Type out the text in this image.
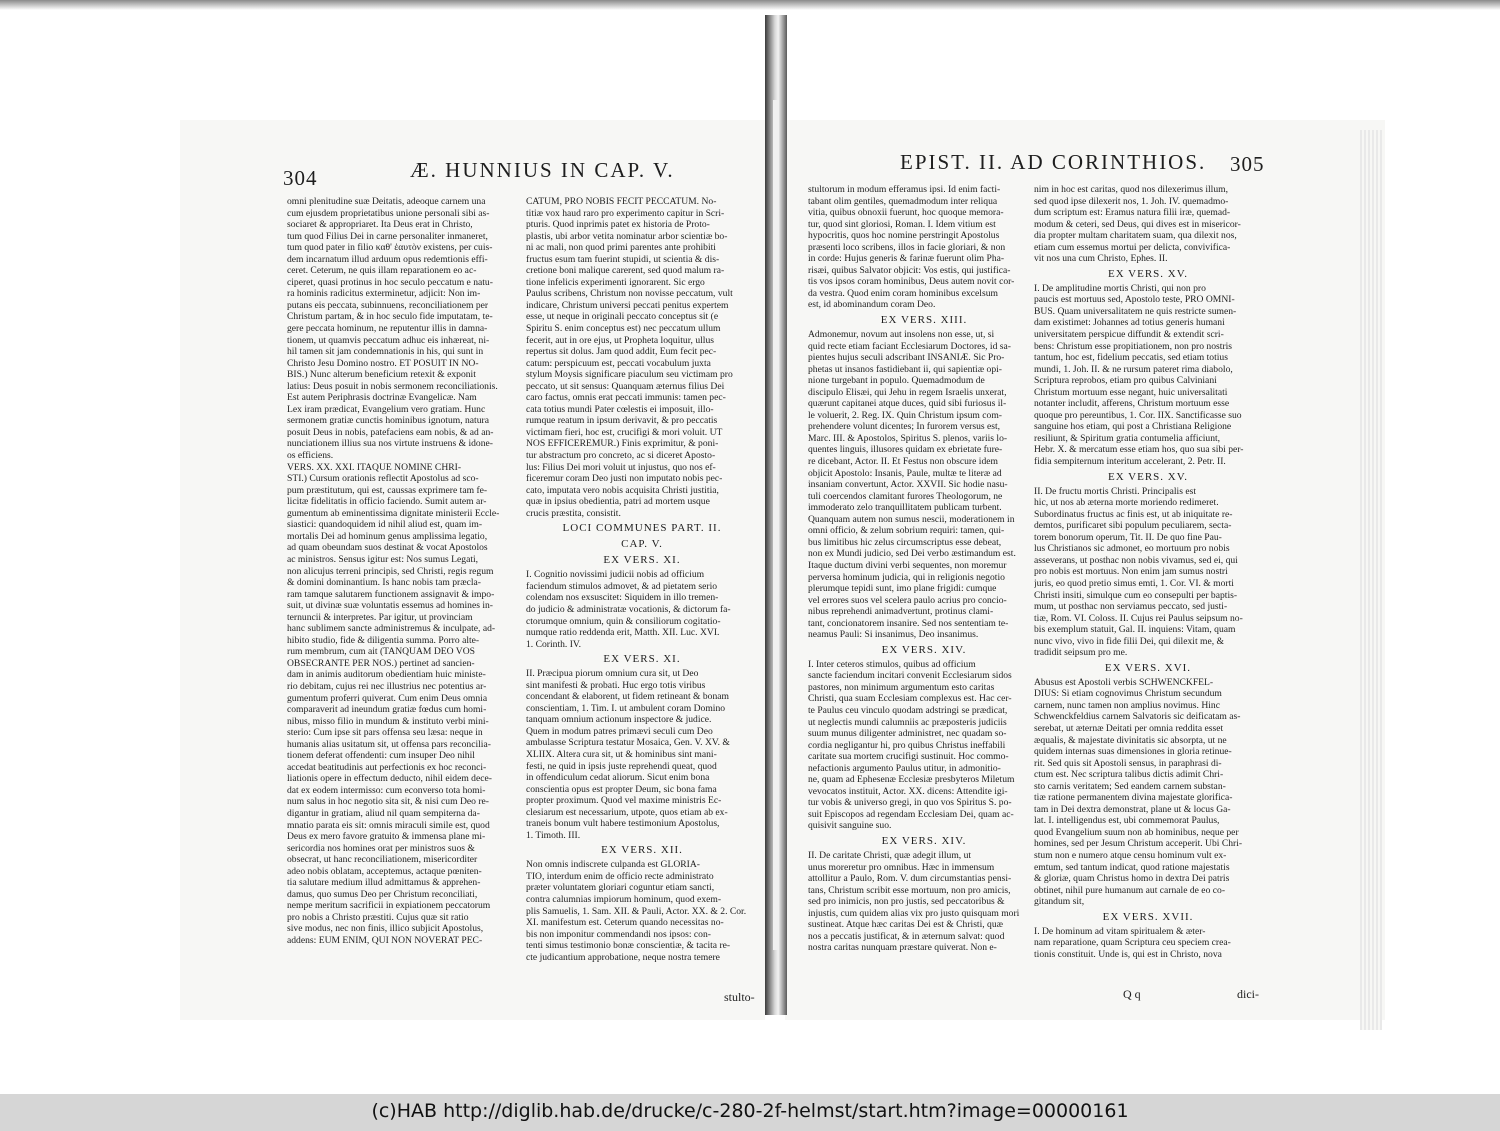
304	Æ. HUNNIUS IN CAP. V.
omni plenitudine suæ Deitatis, adeoque carnem una
cum ejusdem proprietatibus unione personali sibi as-
sociaret & appropriaret. Ita Deus erat in Christo,
tum quod Filius Dei in carne personaliter inmaneret,
tum quod pater in filio καθ' ἑαυτὸν existens, per cuis-
dem incarnatum illud arduum opus redemtionis effi-
ceret. Ceterum, ne quis illam reparationem eo ac-
ciperet, quasi protinus in hoc seculo peccatum e natu-
ra hominis radicitus exterminetur, adjicit: Non im-
putans eis peccata, subinnuens, reconciliationem per
Christum partam, & in hoc seculo fide imputatam, te-
gere peccata hominum, ne reputentur illis in damna-
tionem, ut quamvis peccatum adhuc eis inhæreat, ni-
hil tamen sit jam condemnationis in his, qui sunt in
Christo Jesu Domino nostro. ET POSUIT IN NO-
BIS.) Nunc alterum beneficium retexit & exponit
latius: Deus posuit in nobis sermonem reconciliationis.
Est autem Periphrasis doctrinæ Evangelicæ. Nam
Lex iram prædicat, Evangelium vero gratiam. Hunc
sermonem gratiæ cunctis hominibus ignotum, natura
posuit Deus in nobis, patefaciens eam nobis, & ad an-
nunciationem illius sua nos virtute instruens & idone-
os efficiens.
VERS. XX. XXI. ITAQUE NOMINE CHRI-
STI.) Cursum orationis reflectit Apostolus ad sco-
pum præstitutum, qui est, caussas exprimere tam fe-
licitæ fidelitatis in officio faciendo. Sumit autem ar-
gumentum ab eminentissima dignitate ministerii Eccle-
siastici: quandoquidem id nihil aliud est, quam im-
mortalis Dei ad hominum genus amplissima legatio,
ad quam obeundam suos destinat & vocat Apostolos
ac ministros. Sensus igitur est: Nos sumus Legati,
non alicujus terreni principis, sed Christi, regis regum
& domini dominantium. Is hanc nobis tam præcla-
ram tamque salutarem functionem assignavit & impo-
suit, ut divinæ suæ voluntatis essemus ad homines in-
ternuncii & interpretes. Par igitur, ut provinciam
hanc sublimem sancte administremus & inculpate, ad-
hibito studio, fide & diligentia summa. Porro alte-
rum membrum, cum ait (TANQUAM DEO VOS
OBSECRANTE PER NOS.) pertinet ad sancien-
dam in animis auditorum obedientiam huic ministe-
rio debitam, cujus rei nec illustrius nec potentius ar-
gumentum proferri quiverat. Cum enim Deus omnia
comparaverit ad ineundum gratiæ fœdus cum homi-
nibus, misso filio in mundum & instituto verbi mini-
sterio: Cum ipse sit pars offensa seu læsa: neque in
humanis alias usitatum sit, ut offensa pars reconcilia-
tionem deferat offendenti: cum insuper Deo nihil
accedat beatitudinis aut perfectionis ex hoc reconci-
liationis opere in effectum deducto, nihil eidem dece-
dat ex eodem intermisso: cum econverso tota homi-
num salus in hoc negotio sita sit, & nisi cum Deo re-
digantur in gratiam, aliud nil quam sempiterna da-
mnatio parata eis sit: omnis miraculi simile est, quod
Deus ex mero favore gratuito & immensa plane mi-
sericordia nos homines orat per ministros suos &
obsecrat, ut hanc reconciliationem, misericorditer
adeo nobis oblatam, acceptemus, actaque pœniten-
tia salutare medium illud admittamus & apprehen-
damus, quo sumus Deo per Christum reconciliati,
nempe meritum sacrificii in expiationem peccatorum
pro nobis a Christo præstiti. Cujus quæ sit ratio
sive modus, nec non finis, illico subjicit Apostolus,
addens: EUM ENIM, QUI NON NOVERAT PEC-
CATUM, PRO NOBIS FECIT PECCATUM. No-
titiæ vox haud raro pro experimento capitur in Scri-
pturis. Quod inprimis patet ex historia de Proto-
plastis, ubi arbor vetita nominatur arbor scientiæ bo-
ni ac mali, non quod primi parentes ante prohibiti
fructus esum tam fuerint stupidi, ut scientia & dis-
cretione boni malique carerent, sed quod malum ra-
tione infelicis experimenti ignorarent. Sic ergo
Paulus scribens, Christum non novisse peccatum, vult
indicare, Christum universi peccati penitus expertem
esse, ut neque in originali peccato conceptus sit (e
Spiritu S. enim conceptus est) nec peccatum ullum
fecerit, aut in ore ejus, ut Propheta loquitur, ullus
repertus sit dolus. Jam quod addit, Eum fecit pec-
catum: perspicuum est, peccati vocabulum juxta
stylum Moysis significare piaculum seu victimam pro
peccato, ut sit sensus: Quanquam æternus filius Dei
caro factus, omnis erat peccati immunis: tamen pec-
cata totius mundi Pater cœlestis ei imposuit, illo-
rumque reatum in ipsum derivavit, & pro peccatis
victimam fieri, hoc est, crucifigi & mori voluit. UT
NOS EFFICEREMUR.) Finis exprimitur, & poni-
tur abstractum pro concreto, ac si diceret Aposto-
lus: Filius Dei mori voluit ut injustus, quo nos ef-
ficeremur coram Deo justi non imputato nobis pec-
cato, imputata vero nobis acquisita Christi justitia,
quæ in ipsius obedientia, patri ad mortem usque
crucis præstita, consistit.
LOCI COMMUNES PART. II.
CAP. V.
EX VERS. XI.
I. Cognitio novissimi judicii nobis ad officium
faciendum stimulos admovet, & ad pietatem serio
colendam nos exsuscitet: Siquidem in illo tremen-
do judicio & administratæ vocationis, & dictorum fa-
ctorumque omnium, quin & consiliorum cogitatio-
numque ratio reddenda erit, Matth. XII. Luc. XVI.
1. Corinth. IV.
EX VERS. XI.
II. Præcipua piorum omnium cura sit, ut Deo
sint manifesti & probati. Huc ergo totis viribus
concendant & elaborent, ut fidem retineant & bonam
conscientiam, 1. Tim. I. ut ambulent coram Domino
tanquam omnium actionum inspectore & judice.
Quem in modum patres primævi seculi cum Deo
ambulasse Scriptura testatur Mosaica, Gen. V. XV. &
XLIIX. Altera cura sit, ut & hominibus sint mani-
festi, ne quid in ipsis juste reprehendi queat, quod
in offendiculum cedat aliorum. Sicut enim bona
conscientia opus est propter Deum, sic bona fama
propter proximum. Quod vel maxime ministris Ec-
clesiarum est necessarium, utpote, quos etiam ab ex-
traneis bonum vult habere testimonium Apostolus,
1. Timoth. III.
EX VERS. XII.
Non omnis indiscrete culpanda est GLORIA-
TIO, interdum enim de officio recte administrato
præter voluntatem gloriari coguntur etiam sancti,
contra calumnias impiorum hominum, quod exem-
plis Samuelis, 1. Sam. XII. & Pauli, Actor. XX. & 2. Cor.
XI. manifestum est. Ceterum quando necessitas no-
bis non imponitur commendandi nos ipsos: con-
tenti simus testimonio bonæ conscientiæ, & tacita re-
cte judicantium approbatione, neque nostra temere
stulto-
EPIST. II. AD CORINTHIOS. 305
stultorum in modum efferamus ipsi. Id enim facti-
tabant olim gentiles, quemadmodum inter reliqua
vitia, quibus obnoxii fuerunt, hoc quoque memora-
tur, quod sint gloriosi, Roman. I. Idem vitium est
hypocritis, quos hoc nomine perstringit Apostolus
præsenti loco scribens, illos in facie gloriari, & non
in corde: Hujus generis & farinæ fuerunt olim Pha-
risæi, quibus Salvator objicit: Vos estis, qui justifica-
tis vos ipsos coram hominibus, Deus autem novit cor-
da vestra. Quod enim coram hominibus excelsum
est, id abominandum coram Deo.
EX VERS. XIII.
Admonemur, novum aut insolens non esse, ut, si
quid recte etiam faciant Ecclesiarum Doctores, id sa-
pientes hujus seculi adscribant INSANIÆ. Sic Pro-
phetas ut insanos fastidiebant ii, qui sapientiæ opi-
nione turgebant in populo. Quemadmodum de
discipulo Elisæi, qui Jehu in regem Israelis unxerat,
quærunt capitanei atque duces, quid sibi furiosus il-
le voluerit, 2. Reg. IX. Quin Christum ipsum com-
prehendere volunt dicentes; In furorem versus est,
Marc. III. & Apostolos, Spiritus S. plenos, variis lo-
quentes linguis, illusores quidam ex ebrietate fure-
re dicebant, Actor. II. Et Festus non obscure idem
objicit Apostolo: Insanis, Paule, multæ te literæ ad
insaniam convertunt, Actor. XXVII. Sic hodie nasu-
tuli coercendos clamitant furores Theologorum, ne
immoderato zelo tranquillitatem publicam turbent.
Quanquam autem non sumus nescii, moderationem in
omni officio, & zelum sobrium requiri: tamen, qui-
bus limitibus hic zelus circumscriptus esse debeat,
non ex Mundi judicio, sed Dei verbo æstimandum est.
Itaque ductum divini verbi sequentes, non moremur
perversa hominum judicia, qui in religionis negotio
plerumque tepidi sunt, imo plane frigidi: cumque
vel errores suos vel scelera paulo acrius pro concio-
nibus reprehendi animadvertunt, protinus clami-
tant, concionatorem insanire. Sed nos sententiam te-
neamus Pauli: Si insanimus, Deo insanimus.
EX VERS. XIV.
I. Inter ceteros stimulos, quibus ad officium
sancte faciendum incitari convenit Ecclesiarum sidos
pastores, non minimum argumentum esto caritas
Christi, qua suam Ecclesiam complexus est. Hac cer-
te Paulus ceu vinculo quodam adstringi se prædicat,
ut neglectis mundi calumniis ac præposteris judiciis
suum munus diligenter administret, nec quadam so-
cordia negligantur hi, pro quibus Christus ineffabili
caritate sua mortem crucifigi sustinuit. Hoc commo-
nefactionis argumento Paulus utitur, in admonitio-
ne, quam ad Ephesenæ Ecclesiæ presbyteros Miletum
vevocatos instituit, Actor. XX. dicens: Attendite igi-
tur vobis & universo gregi, in quo vos Spiritus S. po-
suit Episcopos ad regendam Ecclesiam Dei, quam ac-
quisivit sanguine suo.
EX VERS. XIV.
II. De caritate Christi, quæ adegit illum, ut
unus moreretur pro omnibus. Hæc in immensum
attollitur a Paulo, Rom. V. dum circumstantias pensi-
tans, Christum scribit esse mortuum, non pro amicis,
sed pro inimicis, non pro justis, sed peccatoribus &
injustis, cum quidem alias vix pro justo quisquam mori
sustineat. Atque hæc caritas Dei est & Christi, quæ
nos a peccatis justificat, & in æternum salvat: quod
nostra caritas nunquam præstare quiverat. Non e-
nim in hoc est caritas, quod nos dilexerimus illum,
sed quod ipse dilexerit nos, 1. Joh. IV. quemadmo-
dum scriptum est: Eramus natura filii iræ, quemad-
modum & ceteri, sed Deus, qui dives est in misericor-
dia propter multam charitatem suam, qua dilexit nos,
etiam cum essemus mortui per delicta, convivifica-
vit nos una cum Christo, Ephes. II.
EX VERS. XV.
I. De amplitudine mortis Christi, qui non pro
paucis est mortuus sed, Apostolo teste, PRO OMNI-
BUS. Quam universalitatem ne quis restricte sumen-
dam existimet: Johannes ad totius generis humani
universitatem perspicue diffundit & extendit scri-
bens: Christum esse propitiationem, non pro nostris
tantum, hoc est, fidelium peccatis, sed etiam totius
mundi, 1. Joh. II. & ne rursum pateret rima diabolo,
Scriptura reprobos, etiam pro quibus Calviniani
Christum mortuum esse negant, huic universalitati
notanter includit, afferens, Christum mortuum esse
quoque pro pereuntibus, 1. Cor. IIX. Sanctificasse suo
sanguine hos etiam, qui post a Christiana Religione
resiliunt, & Spiritum gratia contumelia afficiunt,
Hebr. X. & mercatum esse etiam hos, quo sua sibi per-
fidia sempiternum interitum accelerant, 2. Petr. II.
EX VERS. XV.
II. De fructu mortis Christi. Principalis est
hic, ut nos ab æterna morte moriendo redimeret.
Subordinatus fructus ac finis est, ut ab iniquitate re-
demtos, purificaret sibi populum peculiarem, secta-
torem bonorum operum, Tit. II. De quo fine Pau-
lus Christianos sic admonet, eo mortuum pro nobis
asseverans, ut posthac non nobis vivamus, sed ei, qui
pro nobis est mortuus. Non enim jam sumus nostri
juris, eo quod pretio simus emti, 1. Cor. VI. & morti
Christi insiti, simulque cum eo consepulti per baptis-
mum, ut posthac non serviamus peccato, sed justi-
tiæ, Rom. VI. Coloss. II. Cujus rei Paulus seipsum no-
bis exemplum statuit, Gal. II. inquiens: Vitam, quam
nunc vivo, vivo in fide filii Dei, qui dilexit me, &
tradidit seipsum pro me.
EX VERS. XVI.
Abusus est Apostoli verbis SCHWENCKFEL-
DIUS: Si etiam cognovimus Christum secundum
carnem, nunc tamen non amplius novimus. Hinc
Schwenckfeldius carnem Salvatoris sic deificatam as-
serebat, ut æternæ Deitati per omnia reddita esset
æqualis, & majestate divinitatis sic absorpta, ut ne
quidem internas suas dimensiones in gloria retinue-
rit. Sed quis sit Apostoli sensus, in paraphrasi di-
ctum est. Nec scriptura talibus dictis adimit Chri-
sto carnis veritatem; Sed eandem carnem substan-
tiæ ratione permanentem divina majestate glorifica-
tam in Dei dextra demonstrat, plane ut & locus Ga-
lat. I. intelligendus est, ubi commemorat Paulus,
quod Evangelium suum non ab hominibus, neque per
homines, sed per Jesum Christum acceperit. Ubi Chri-
stum non e numero atque censu hominum vult ex-
emtum, sed tantum indicat, quod ratione majestatis
& gloriæ, quam Christus homo in dextra Dei patris
obtinet, nihil pure humanum aut carnale de eo co-
gitandum sit,
EX VERS. XVII.
I. De hominum ad vitam spiritualem & æter-
nam reparatione, quam Scriptura ceu speciem crea-
tionis constituit. Unde is, qui est in Christo, nova
Q q	dici-
(c)HAB http://diglib.hab.de/drucke/c-280-2f-helmst/start.htm?image=00000161
